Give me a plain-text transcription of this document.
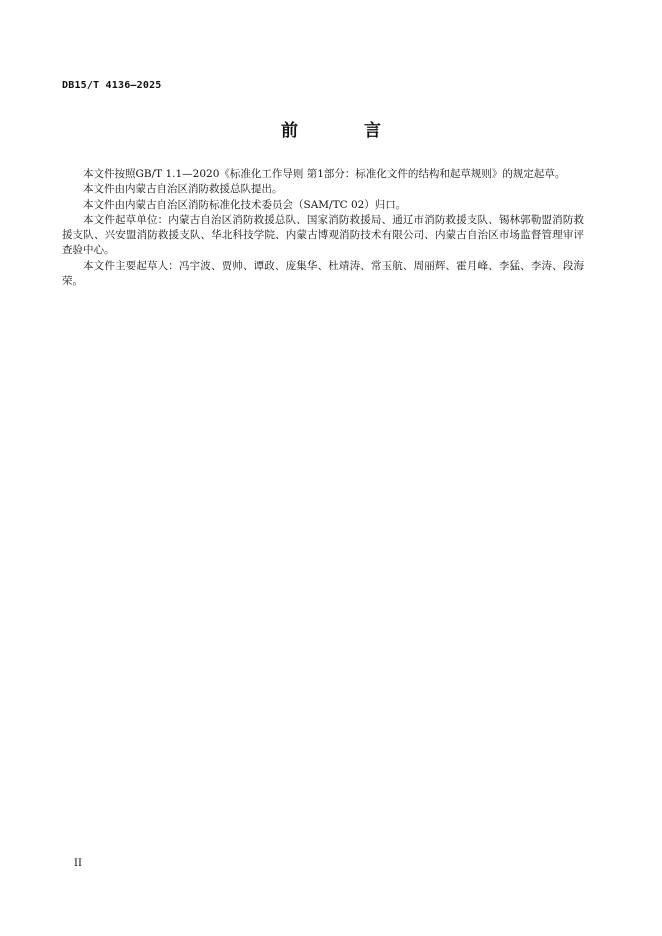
DB15/T 4136—2025
前 言

本文件按照GB/T 1.1—2020《标准化工作导则 第1部分：标准化文件的结构和起草规则》的规定起草。

本文件由内蒙古自治区消防救援总队提出。

本文件由内蒙古自治区消防标准化技术委员会（SAM/TC 02）归口。

本文件起草单位：内蒙古自治区消防救援总队、国家消防救援局、通辽市消防救援支队、锡林郭勒盟消防救援支队、兴安盟消防救援支队、华北科技学院、内蒙古博观消防技术有限公司、内蒙古自治区市场监督管理审评查验中心。

本文件主要起草人：冯宇波、贾帅、谭政、庞集华、杜靖涛、常玉航、周丽辉、霍月峰、李猛、李涛、段海荣。

II
